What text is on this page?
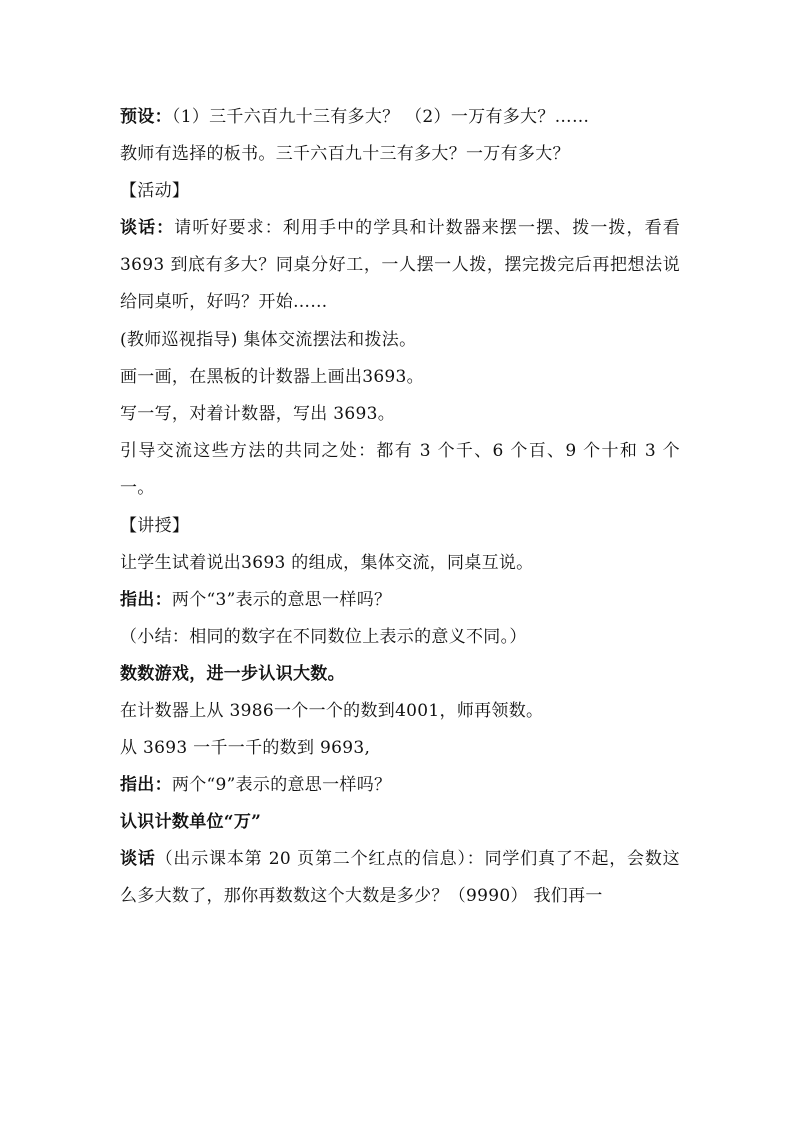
预设：（1）三千六百九十三有多大？ （2）一万有多大？……
教师有选择的板书。三千六百九十三有多大？一万有多大？
【活动】
谈话：请听好要求：利用手中的学具和计数器来摆一摆、拨一拨，看看 3693 到底有多大？同桌分好工，一人摆一人拨，摆完拨完后再把想法说给同桌听，好吗？开始……
(教师巡视指导) 集体交流摆法和拨法。
画一画，在黑板的计数器上画出3693。
写一写，对着计数器，写出 3693。
引导交流这些方法的共同之处：都有 3 个千、6 个百、9 个十和 3 个一。
【讲授】
让学生试着说出3693 的组成，集体交流，同桌互说。
指出：两个“3”表示的意思一样吗？
（小结：相同的数字在不同数位上表示的意义不同。）
数数游戏，进一步认识大数。
在计数器上从 3986一个一个的数到4001，师再领数。
从 3693 一千一千的数到 9693,
指出：两个“9”表示的意思一样吗？
认识计数单位“万”
谈话（出示课本第 20 页第二个红点的信息）：同学们真了不起，会数这么多大数了，那你再数数这个大数是多少？（9990） 我们再一
